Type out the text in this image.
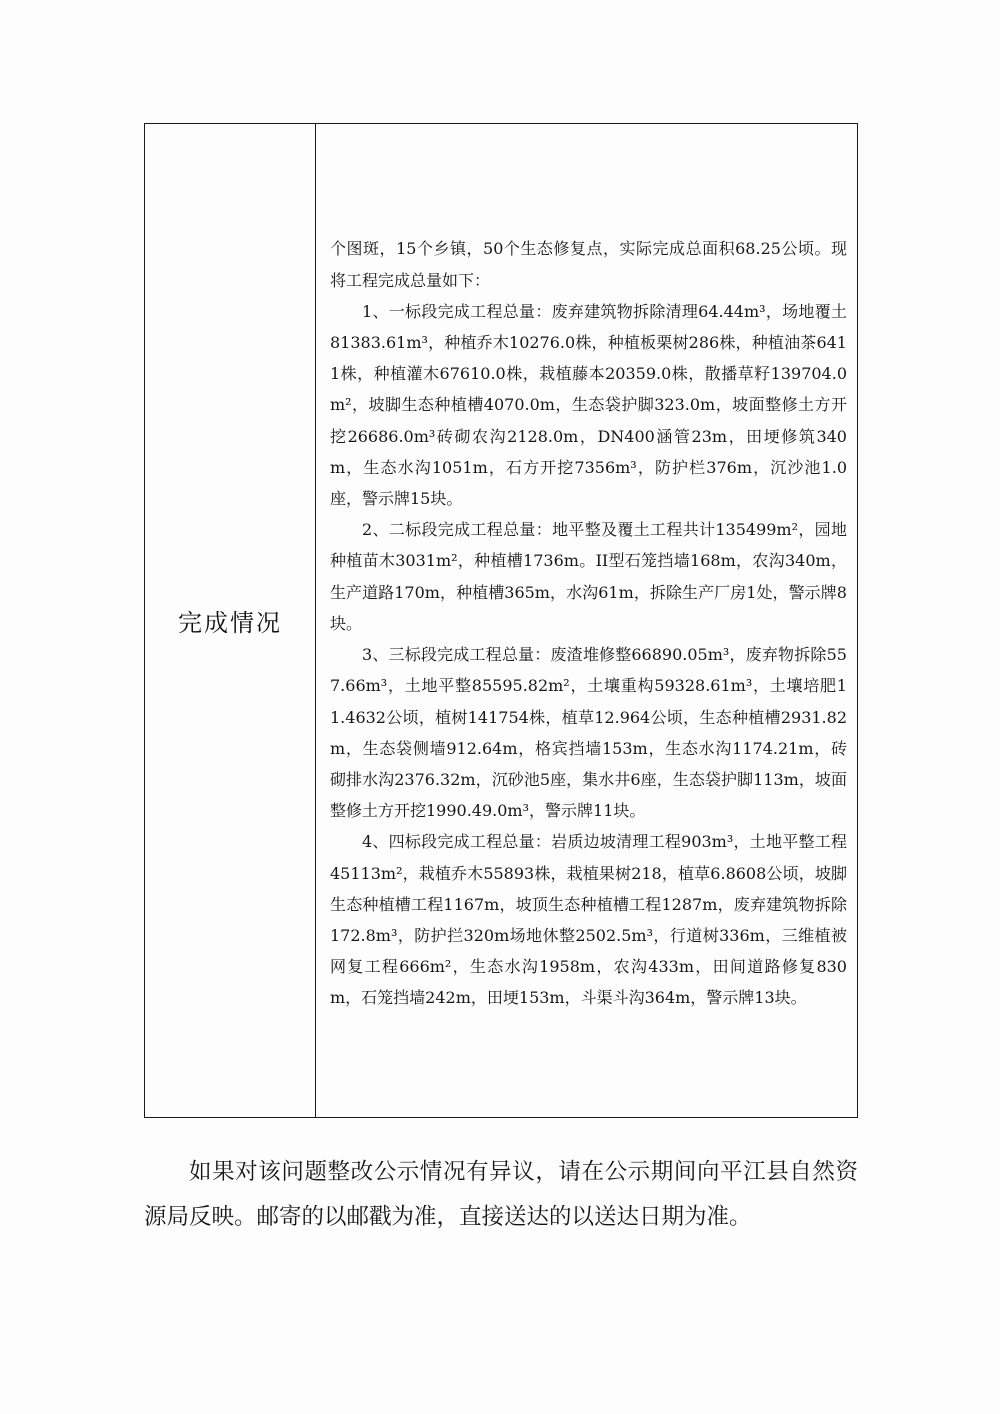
完成情况	

个图斑，15个乡镇，50个生态修复点，实际完成总面积68.25公顷。现将工程完成总量如下：

1、一标段完成工程总量：废弃建筑物拆除清理64.44m³，场地覆土81383.61m³，种植乔木10276.0株，种植板栗树286株，种植油茶6411株，种植灌木67610.0株，栽植藤本20359.0株，散播草籽139704.0m²，坡脚生态种植槽4070.0m，生态袋护脚323.0m，坡面整修土方开挖26686.0m³砖砌农沟2128.0m，DN400涵管23m，田埂修筑340m，生态水沟1051m，石方开挖7356m³，防护栏376m，沉沙池1.0座，警示牌15块。

2、二标段完成工程总量：地平整及覆土工程共计135499m²，园地种植苗木3031m²，种植槽1736m。II型石笼挡墙168m，农沟340m，生产道路170m，种植槽365m，水沟61m，拆除生产厂房1处，警示牌8块。

3、三标段完成工程总量：废渣堆修整66890.05m³，废弃物拆除557.66m³，土地平整85595.82m²，土壤重构59328.61m³，土壤培肥11.4632公顷，植树141754株，植草12.964公顷，生态种植槽2931.82m，生态袋侧墙912.64m，格宾挡墙153m，生态水沟1174.21m，砖砌排水沟2376.32m，沉砂池5座，集水井6座，生态袋护脚113m，坡面整修土方开挖1990.49.0m³，警示牌11块。

4、四标段完成工程总量：岩质边坡清理工程903m³，土地平整工程45113m²，栽植乔木55893株，栽植果树218，植草6.8608公顷，坡脚生态种植槽工程1167m，坡顶生态种植槽工程1287m，废弃建筑物拆除172.8m³，防护拦320m场地休整2502.5m³，行道树336m，三维植被网复工程666m²，生态水沟1958m，农沟433m，田间道路修复830m，石笼挡墙242m，田埂153m，斗渠斗沟364m，警示牌13块。

如果对该问题整改公示情况有异议，请在公示期间向平江县自然资源局反映。邮寄的以邮戳为准，直接送达的以送达日期为准。
